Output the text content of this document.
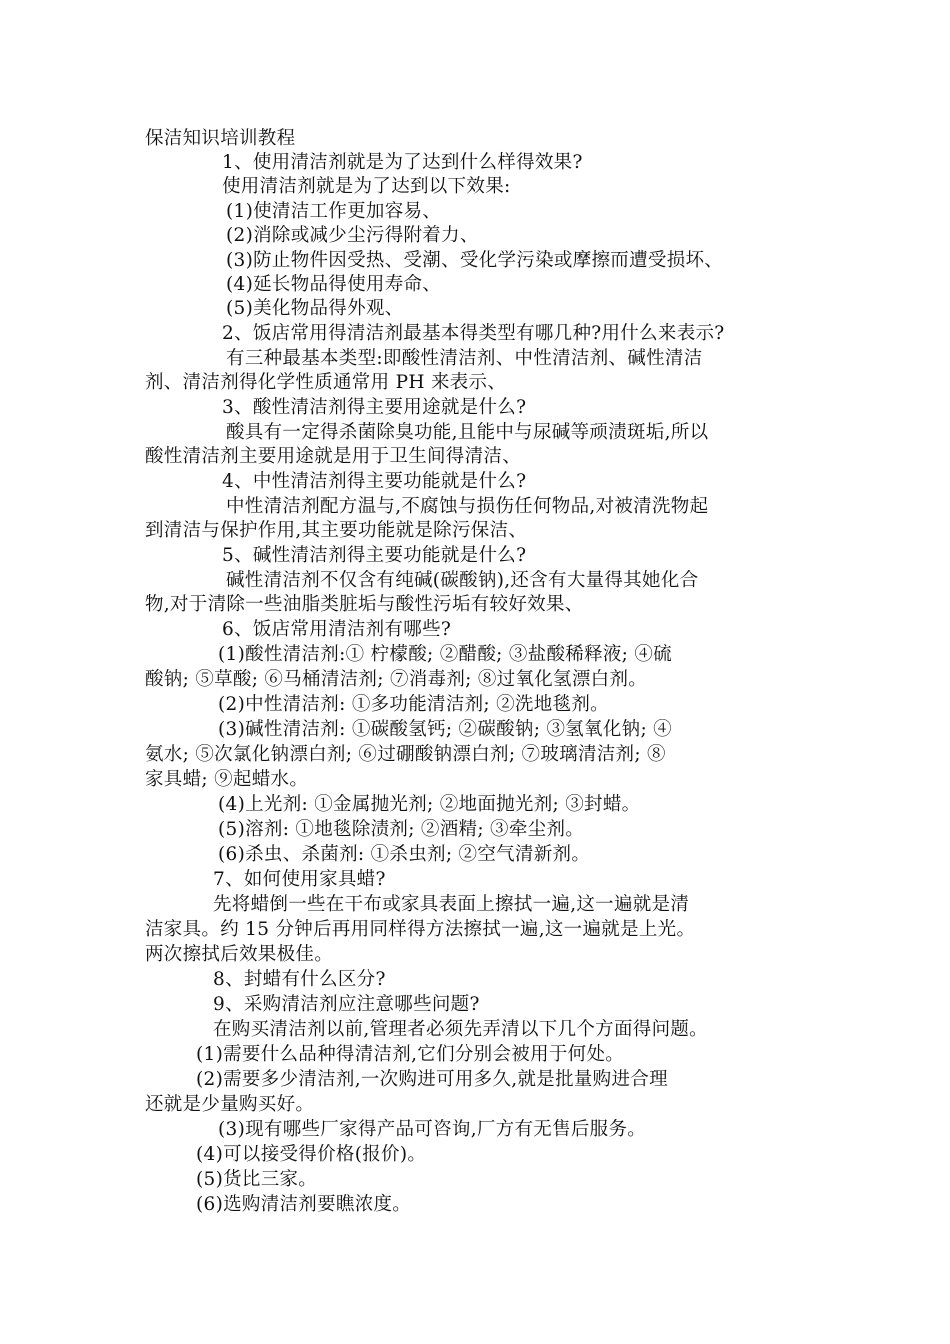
保洁知识培训教程
1、使用清洁剂就是为了达到什么样得效果?
使用清洁剂就是为了达到以下效果:
(1)使清洁工作更加容易、
(2)消除或减少尘污得附着力、
(3)防止物件因受热、受潮、受化学污染或摩擦而遭受损坏、
(4)延长物品得使用寿命、
(5)美化物品得外观、
2、饭店常用得清洁剂最基本得类型有哪几种?用什么来表示?
有三种最基本类型:即酸性清洁剂、中性清洁剂、碱性清洁
剂、清洁剂得化学性质通常用 PH 来表示、
3、酸性清洁剂得主要用途就是什么?
酸具有一定得杀菌除臭功能,且能中与尿碱等顽渍斑垢,所以
酸性清洁剂主要用途就是用于卫生间得清洁、
4、中性清洁剂得主要功能就是什么?
中性清洁剂配方温与,不腐蚀与损伤任何物品,对被清洗物起
到清洁与保护作用,其主要功能就是除污保洁、
5、碱性清洁剂得主要功能就是什么?
碱性清洁剂不仅含有纯碱(碳酸钠),还含有大量得其她化合
物,对于清除一些油脂类脏垢与酸性污垢有较好效果、
6、饭店常用清洁剂有哪些?
(1)酸性清洁剂:① 柠檬酸; ②醋酸; ③盐酸稀释液; ④硫
酸钠; ⑤草酸; ⑥马桶清洁剂; ⑦消毒剂; ⑧过氧化氢漂白剂。
(2)中性清洁剂: ①多功能清洁剂; ②洗地毯剂。
(3)碱性清洁剂: ①碳酸氢钙; ②碳酸钠; ③氢氧化钠; ④
氨水; ⑤次氯化钠漂白剂; ⑥过硼酸钠漂白剂; ⑦玻璃清洁剂; ⑧
家具蜡; ⑨起蜡水。
(4)上光剂: ①金属抛光剂; ②地面抛光剂; ③封蜡。
(5)溶剂: ①地毯除渍剂; ②酒精; ③牵尘剂。
(6)杀虫、杀菌剂: ①杀虫剂; ②空气清新剂。
7、如何使用家具蜡?
先将蜡倒一些在干布或家具表面上擦拭一遍,这一遍就是清
洁家具。约 15 分钟后再用同样得方法擦拭一遍,这一遍就是上光。
两次擦拭后效果极佳。
8、封蜡有什么区分?
9、采购清洁剂应注意哪些问题?
在购买清洁剂以前,管理者必须先弄清以下几个方面得问题。
(1)需要什么品种得清洁剂,它们分别会被用于何处。
(2)需要多少清洁剂,一次购进可用多久,就是批量购进合理
还就是少量购买好。
(3)现有哪些厂家得产品可咨询,厂方有无售后服务。
(4)可以接受得价格(报价)。
(5)货比三家。
(6)选购清洁剂要瞧浓度。
